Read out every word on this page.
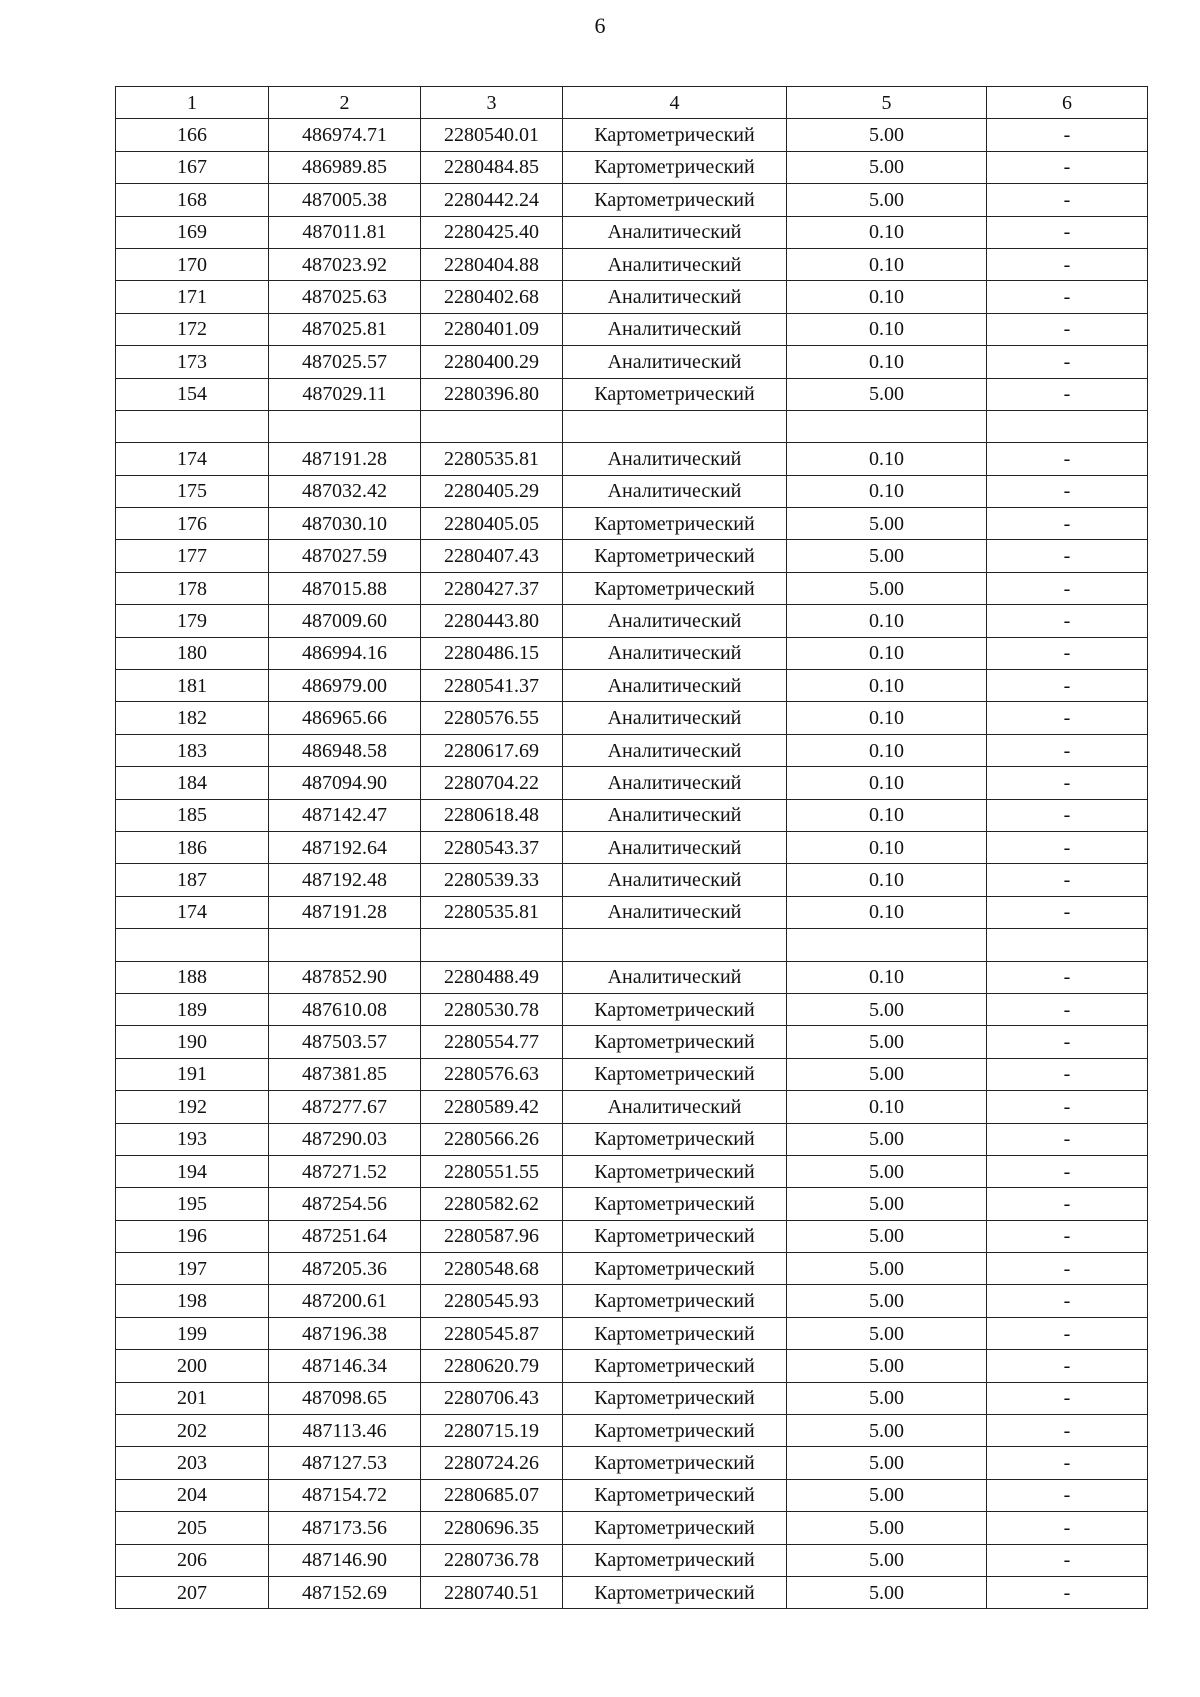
6
1	2	3	4	5	6
166	486974.71	2280540.01	Картометрический	5.00	-
167	486989.85	2280484.85	Картометрический	5.00	-
168	487005.38	2280442.24	Картометрический	5.00	-
169	487011.81	2280425.40	Аналитический	0.10	-
170	487023.92	2280404.88	Аналитический	0.10	-
171	487025.63	2280402.68	Аналитический	0.10	-
172	487025.81	2280401.09	Аналитический	0.10	-
173	487025.57	2280400.29	Аналитический	0.10	-
154	487029.11	2280396.80	Картометрический	5.00	-

174	487191.28	2280535.81	Аналитический	0.10	-
175	487032.42	2280405.29	Аналитический	0.10	-
176	487030.10	2280405.05	Картометрический	5.00	-
177	487027.59	2280407.43	Картометрический	5.00	-
178	487015.88	2280427.37	Картометрический	5.00	-
179	487009.60	2280443.80	Аналитический	0.10	-
180	486994.16	2280486.15	Аналитический	0.10	-
181	486979.00	2280541.37	Аналитический	0.10	-
182	486965.66	2280576.55	Аналитический	0.10	-
183	486948.58	2280617.69	Аналитический	0.10	-
184	487094.90	2280704.22	Аналитический	0.10	-
185	487142.47	2280618.48	Аналитический	0.10	-
186	487192.64	2280543.37	Аналитический	0.10	-
187	487192.48	2280539.33	Аналитический	0.10	-
174	487191.28	2280535.81	Аналитический	0.10	-

188	487852.90	2280488.49	Аналитический	0.10	-
189	487610.08	2280530.78	Картометрический	5.00	-
190	487503.57	2280554.77	Картометрический	5.00	-
191	487381.85	2280576.63	Картометрический	5.00	-
192	487277.67	2280589.42	Аналитический	0.10	-
193	487290.03	2280566.26	Картометрический	5.00	-
194	487271.52	2280551.55	Картометрический	5.00	-
195	487254.56	2280582.62	Картометрический	5.00	-
196	487251.64	2280587.96	Картометрический	5.00	-
197	487205.36	2280548.68	Картометрический	5.00	-
198	487200.61	2280545.93	Картометрический	5.00	-
199	487196.38	2280545.87	Картометрический	5.00	-
200	487146.34	2280620.79	Картометрический	5.00	-
201	487098.65	2280706.43	Картометрический	5.00	-
202	487113.46	2280715.19	Картометрический	5.00	-
203	487127.53	2280724.26	Картометрический	5.00	-
204	487154.72	2280685.07	Картометрический	5.00	-
205	487173.56	2280696.35	Картометрический	5.00	-
206	487146.90	2280736.78	Картометрический	5.00	-
207	487152.69	2280740.51	Картометрический	5.00	-
